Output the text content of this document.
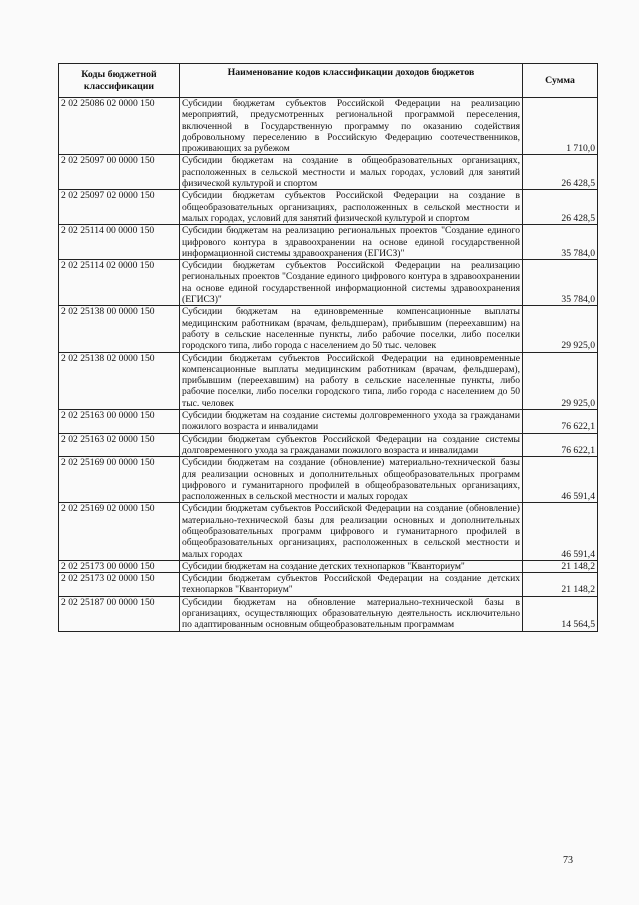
Коды бюджетной классификации	Наименование кодов классификации доходов бюджетов	Сумма
2 02 25086 02 0000 150	Субсидии бюджетам субъектов Российской Федерации на реализацию мероприятий, предусмотренных региональной программой переселения, включенной в Государственную программу по оказанию содействия добровольному переселению в Российскую Федерацию соотечественников, проживающих за рубежом	1 710,0
2 02 25097 00 0000 150	Субсидии бюджетам на создание в общеобразовательных организациях, расположенных в сельской местности и малых городах, условий для занятий физической культурой и спортом	26 428,5
2 02 25097 02 0000 150	Субсидии бюджетам субъектов Российской Федерации на создание в общеобразовательных организациях, расположенных в сельской местности и малых городах, условий для занятий физической культурой и спортом	26 428,5
2 02 25114 00 0000 150	Субсидии бюджетам на реализацию региональных проектов "Создание единого цифрового контура в здравоохранении на основе единой государственной информационной системы здравоохранения (ЕГИСЗ)"	35 784,0
2 02 25114 02 0000 150	Субсидии бюджетам субъектов Российской Федерации на реализацию региональных проектов "Создание единого цифрового контура в здравоохранении на основе единой государственной информационной системы здравоохранения (ЕГИСЗ)"	35 784,0
2 02 25138 00 0000 150	Субсидии бюджетам на единовременные компенсационные выплаты медицинским работникам (врачам, фельдшерам), прибывшим (переехавшим) на работу в сельские населенные пункты, либо рабочие поселки, либо поселки городского типа, либо города с населением до 50 тыс. человек	29 925,0
2 02 25138 02 0000 150	Субсидии бюджетам субъектов Российской Федерации на единовременные компенсационные выплаты медицинским работникам (врачам, фельдшерам), прибывшим (переехавшим) на работу в сельские населенные пункты, либо рабочие поселки, либо поселки городского типа, либо города с населением до 50 тыс. человек	29 925,0
2 02 25163 00 0000 150	Субсидии бюджетам на создание системы долговременного ухода за гражданами пожилого возраста и инвалидами	76 622,1
2 02 25163 02 0000 150	Субсидии бюджетам субъектов Российской Федерации на создание системы долговременного ухода за гражданами пожилого возраста и инвалидами	76 622,1
2 02 25169 00 0000 150	Субсидии бюджетам на создание (обновление) материально-технической базы для реализации основных и дополнительных общеобразовательных программ цифрового и гуманитарного профилей в общеобразовательных организациях, расположенных в сельской местности и малых городах	46 591,4
2 02 25169 02 0000 150	Субсидии бюджетам субъектов Российской Федерации на создание (обновление) материально-технической базы для реализации основных и дополнительных общеобразовательных программ цифрового и гуманитарного профилей в общеобразовательных организациях, расположенных в сельской местности и малых городах	46 591,4
2 02 25173 00 0000 150	Субсидии бюджетам на создание детских технопарков "Кванториум"	21 148,2
2 02 25173 02 0000 150	Субсидии бюджетам субъектов Российской Федерации на создание детских технопарков "Кванториум"	21 148,2
2 02 25187 00 0000 150	Субсидии бюджетам на обновление материально-технической базы в организациях, осуществляющих образовательную деятельность исключительно по адаптированным основным общеобразовательным программам	14 564,5
73
